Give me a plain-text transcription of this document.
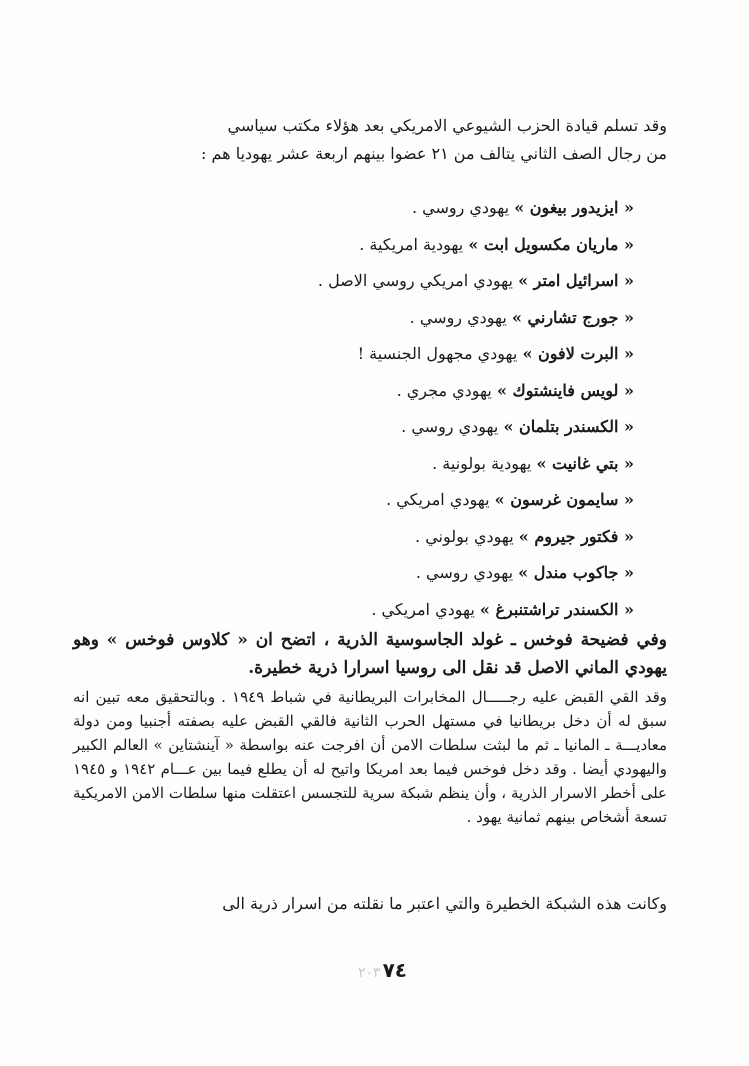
وقد تسلم قيادة الحزب الشيوعي الامريكي بعد هؤلاء مكتب سياسي

من رجال الصف الثاني يتالف من ٢١ عضوا بينهم اربعة عشر يهوديا هم :

« ايزيدور بيغون » يهودي روسي .
« ماريان مكسويل ابت » يهودية امريكية .
« اسرائيل امتر » يهودي امريكي روسي الاصل .
« جورج تشارني » يهودي روسي .
« البرت لافون » يهودي مجهول الجنسية !
« لويس فاينشتوك » يهودي مجري .
« الكسندر بتلمان » يهودي روسي .
« بتي غانيت » يهودية بولونية .
« سايمون غرسون » يهودي امريكي .
« فكتور جيروم » يهودي بولوني .
« جاكوب مندل » يهودي روسي .
« الكسندر تراشتنبرغ » يهودي امريكي .

وفي فضيحة فوخس ـ غولد الجاسوسية الذرية ، اتضح ان « كلاوس فوخس » وهو يهودي الماني الاصل قد نقل الى روسيا اسرارا ذرية خطيرة.

وقد القي القبض عليه رجـــــال المخابرات البريطانية في شباط ١٩٤٩ . وبالتحقيق معه تبين انه سبق له أن دخل بريطانيا في مستهل الحرب الثانية فالقي القبض عليه بصفته أجنبيا ومن دولة معاديـــة ـ المانيا ـ ثم ما لبثت سلطات الامن أن افرجت عنه بواسطة « آينشتاين » العالم الكبير واليهودي أيضا . وقد دخل فوخس فيما بعد امريكا واتيح له أن يطلع فيما بين عـــام ١٩٤٢ و ١٩٤٥ على أخطر الاسرار الذرية ، وأن ينظم شبكة سرية للتجسس اعتقلت منها سلطات الامن الامريكية تسعة أشخاص بينهم ثمانية يهود .

وكانت هذه الشبكة الخطيرة والتي اعتبر ما نقلته من اسرار ذرية الى

٢٠٣ ٧٤
